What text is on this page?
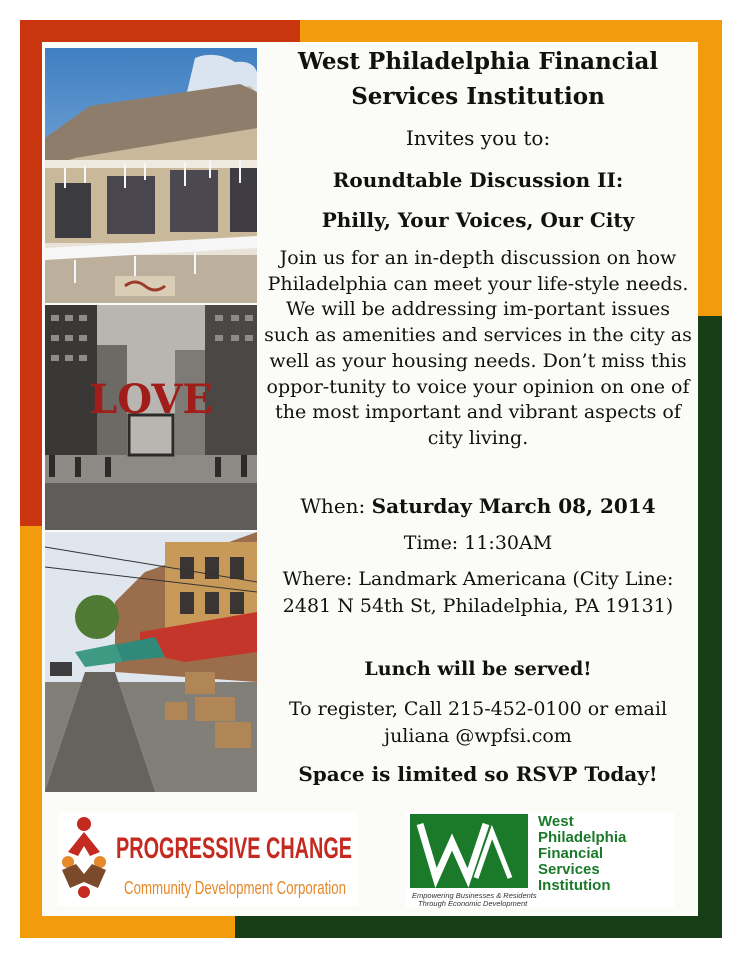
LOVE
West Philadelphia Financial
Services Institution
Invites you to:
Roundtable Discussion II:
Philly, Your Voices, Our City
Join us for an in-depth discussion on how Philadelphia can meet your life-style needs. We will be addressing im-portant issues such as amenities and services in the city as well as your housing needs. Don’t miss this oppor-tunity to voice your opinion on one of the most important and vibrant aspects of city living.
When: Saturday March 08, 2014
Time: 11:30AM
Where: Landmark Americana (City Line: 2481 N 54th St, Philadelphia, PA 19131)
Lunch will be served!
To register, Call 215-452-0100 or email juliana @wpfsi.com
Space is limited so RSVP Today!
PROGRESSIVE CHANGE
Community Development Corporation	Empowering Businesses & Residents
Through Economic Development
West
Philadelphia
Financial
Services
Institution
